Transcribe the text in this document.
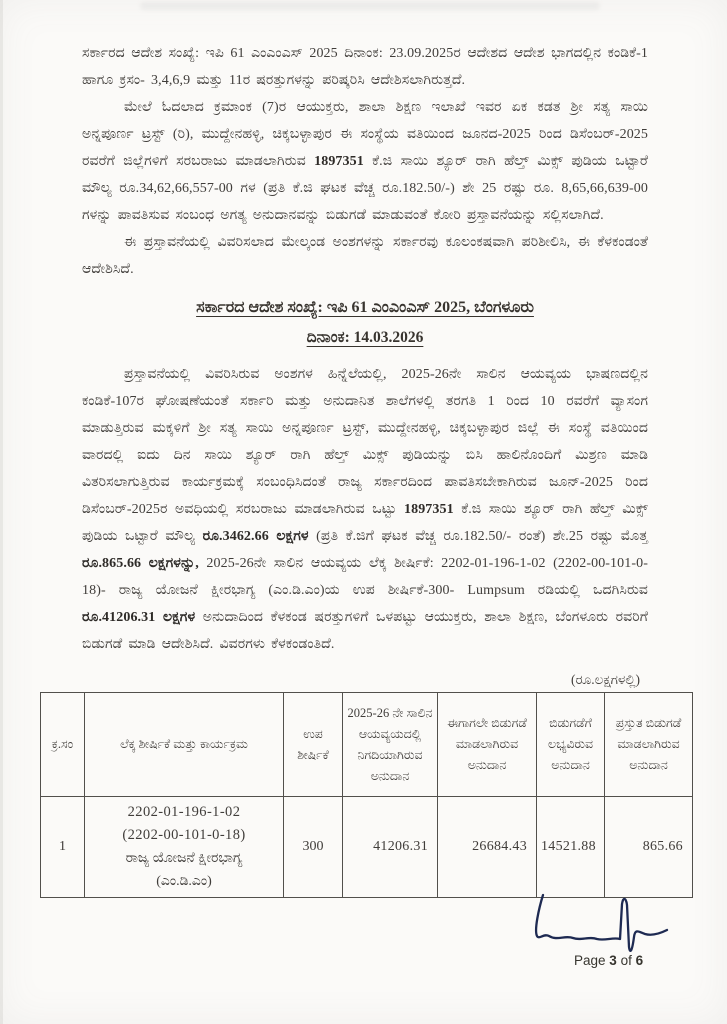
ಸರ್ಕಾರದ ಆದೇಶ ಸಂಖ್ಯೆ: ಇಪಿ 61 ಎಂಎಂಎಸ್ 2025 ದಿನಾಂಕ: 23.09.2025ರ ಆದೇಶದ ಆದೇಶ ಭಾಗದಲ್ಲಿನ ಕಂಡಿಕೆ-1 ಹಾಗೂ ಕ್ರಸಂ- 3,4,6,9 ಮತ್ತು 11ರ ಷರತ್ತುಗಳನ್ನು ಪರಿಷ್ಕರಿಸಿ ಆದೇಶಿಸಲಾಗಿರುತ್ತದೆ.

ಮೇಲೆ ಓದಲಾದ ಕ್ರಮಾಂಕ (7)ರ ಆಯುಕ್ತರು, ಶಾಲಾ ಶಿಕ್ಷಣ ಇಲಾಖೆ ಇವರ ಏಕ ಕಡತ ಶ್ರೀ ಸತ್ಯ ಸಾಯಿ ಅನ್ನಪೂರ್ಣ ಟ್ರಸ್ಟ್ (ರಿ), ಮುದ್ದೇನಹಳ್ಳಿ, ಚಿಕ್ಕಬಳ್ಳಾಪುರ ಈ ಸಂಸ್ಥೆಯ ವತಿಯಿಂದ ಜೂನದ-2025 ರಿಂದ ಡಿಸೆಂಬರ್-2025 ರವರೆಗೆ ಜಿಲ್ಲೆಗಳಿಗೆ ಸರಬರಾಜು ಮಾಡಲಾಗಿರುವ 1897351 ಕೆ.ಜಿ ಸಾಯಿ ಶ್ಯೂರ್ ರಾಗಿ ಹೆಲ್ತ್ ಮಿಕ್ಸ್ ಪುಡಿಯ ಒಟ್ಟಾರೆ ಮೌಲ್ಯ ರೂ.34,62,66,557-00 ಗಳ (ಪ್ರತಿ ಕೆ.ಜಿ ಘಟಕ ವೆಚ್ಚ ರೂ.182.50/-) ಶೇ 25 ರಷ್ಟು ರೂ. 8,65,66,639-00 ಗಳನ್ನು ಪಾವತಿಸುವ ಸಂಬಂಧ ಅಗತ್ಯ ಅನುದಾನವನ್ನು ಬಿಡುಗಡೆ ಮಾಡುವಂತೆ ಕೋರಿ ಪ್ರಸ್ತಾವನೆಯನ್ನು ಸಲ್ಲಿಸಲಾಗಿದೆ.

ಈ ಪ್ರಸ್ತಾವನೆಯಲ್ಲಿ ವಿವರಿಸಲಾದ ಮೇಲ್ಕಂಡ ಅಂಶಗಳನ್ನು ಸರ್ಕಾರವು ಕೂಲಂಕಷವಾಗಿ ಪರಿಶೀಲಿಸಿ, ಈ ಕೆಳಕಂಡಂತೆ ಆದೇಶಿಸಿದೆ.

ಸರ್ಕಾರದ ಆದೇಶ ಸಂಖ್ಯೆ: ಇಪಿ 61 ಎಂಎಂಎಸ್ 2025, ಬೆಂಗಳೂರು
ದಿನಾಂಕ: 14.03.2026

ಪ್ರಸ್ತಾವನೆಯಲ್ಲಿ ವಿವರಿಸಿರುವ ಅಂಶಗಳ ಹಿನ್ನೆಲೆಯಲ್ಲಿ, 2025-26ನೇ ಸಾಲಿನ ಆಯವ್ಯಯ ಭಾಷಣದಲ್ಲಿನ ಕಂಡಿಕೆ-107ರ ಘೋಷಣೆಯಂತೆ ಸರ್ಕಾರಿ ಮತ್ತು ಅನುದಾನಿತ ಶಾಲೆಗಳಲ್ಲಿ ತರಗತಿ 1 ರಿಂದ 10 ರವರೆಗೆ ವ್ಯಾಸಂಗ ಮಾಡುತ್ತಿರುವ ಮಕ್ಕಳಿಗೆ ಶ್ರೀ ಸತ್ಯ ಸಾಯಿ ಅನ್ನಪೂರ್ಣ ಟ್ರಸ್ಟ್, ಮುದ್ದೇನಹಳ್ಳಿ, ಚಿಕ್ಕಬಳ್ಳಾಪುರ ಜಿಲ್ಲೆ ಈ ಸಂಸ್ಥೆ ವತಿಯಿಂದ ವಾರದಲ್ಲಿ ಐದು ದಿನ ಸಾಯಿ ಶ್ಯೂರ್ ರಾಗಿ ಹೆಲ್ತ್ ಮಿಕ್ಸ್ ಪುಡಿಯನ್ನು ಬಿಸಿ ಹಾಲಿನೊಂದಿಗೆ ಮಿಶ್ರಣ ಮಾಡಿ ವಿತರಿಸಲಾಗುತ್ತಿರುವ ಕಾರ್ಯಕ್ರಮಕ್ಕೆ ಸಂಬಂಧಿಸಿದಂತೆ ರಾಜ್ಯ ಸರ್ಕಾರದಿಂದ ಪಾವತಿಸಬೇಕಾಗಿರುವ ಜೂನ್-2025 ರಿಂದ ಡಿಸೆಂಬರ್-2025ರ ಅವಧಿಯಲ್ಲಿ ಸರಬರಾಜು ಮಾಡಲಾಗಿರುವ ಒಟ್ಟು 1897351 ಕೆ.ಜಿ ಸಾಯಿ ಶ್ಯೂರ್ ರಾಗಿ ಹೆಲ್ತ್ ಮಿಕ್ಸ್ ಪುಡಿಯ ಒಟ್ಟಾರೆ ಮೌಲ್ಯ ರೂ.3462.66 ಲಕ್ಷಗಳ (ಪ್ರತಿ ಕೆ.ಜಿಗೆ ಘಟಕ ವೆಚ್ಚ ರೂ.182.50/- ರಂತೆ) ಶೇ.25 ರಷ್ಟು ಮೊತ್ತ ರೂ.865.66 ಲಕ್ಷಗಳನ್ನು, 2025-26ನೇ ಸಾಲಿನ ಆಯವ್ಯಯ ಲೆಕ್ಕ ಶೀರ್ಷಿಕೆ: 2202-01-196-1-02 (2202-00-101-0-18)- ರಾಜ್ಯ ಯೋಜನೆ ಕ್ಷೀರಭಾಗ್ಯ (ಎಂ.ಡಿ.ಎಂ)ಯ ಉಪ ಶೀರ್ಷಿಕೆ-300- Lumpsum ರಡಿಯಲ್ಲಿ ಒದಗಿಸಿರುವ ರೂ.41206.31 ಲಕ್ಷಗಳ ಅನುದಾದಿಂದ ಕೆಳಕಂಡ ಷರತ್ತುಗಳಿಗೆ ಒಳಪಟ್ಟು ಆಯುಕ್ತರು, ಶಾಲಾ ಶಿಕ್ಷಣ, ಬೆಂಗಳೂರು ರವರಿಗೆ ಬಿಡುಗಡೆ ಮಾಡಿ ಆದೇಶಿಸಿದೆ. ವಿವರಗಳು ಕೆಳಕಂಡಂತಿದೆ.

(ರೂ.ಲಕ್ಷಗಳಲ್ಲಿ)
ಕ್ರ.ಸಂ	ಲೆಕ್ಕ ಶೀರ್ಷಿಕೆ ಮತ್ತು ಕಾರ್ಯಕ್ರಮ	ಉಪ ಶೀರ್ಷಿಕೆ	2025-26 ನೇ ಸಾಲಿನ ಆಯವ್ಯಯದಲ್ಲಿ ನಿಗದಿಯಾಗಿರುವ ಅನುದಾನ	ಈಗಾಗಲೇ ಬಿಡುಗಡೆ ಮಾಡಲಾಗಿರುವ ಅನುದಾನ	ಬಿಡುಗಡೆಗೆ ಲಭ್ಯವಿರುವ ಅನುದಾನ	ಪ್ರಸ್ತುತ ಬಿಡುಗಡೆ ಮಾಡಲಾಗಿರುವ ಅನುದಾನ
1	2202-01-196-1-02
(2202-00-101-0-18)
ರಾಜ್ಯ ಯೋಜನೆ ಕ್ಷೀರಭಾಗ್ಯ
(ಎಂ.ಡಿ.ಎಂ)	300	41206.31	26684.43	14521.88	865.66
Page 3 of 6
